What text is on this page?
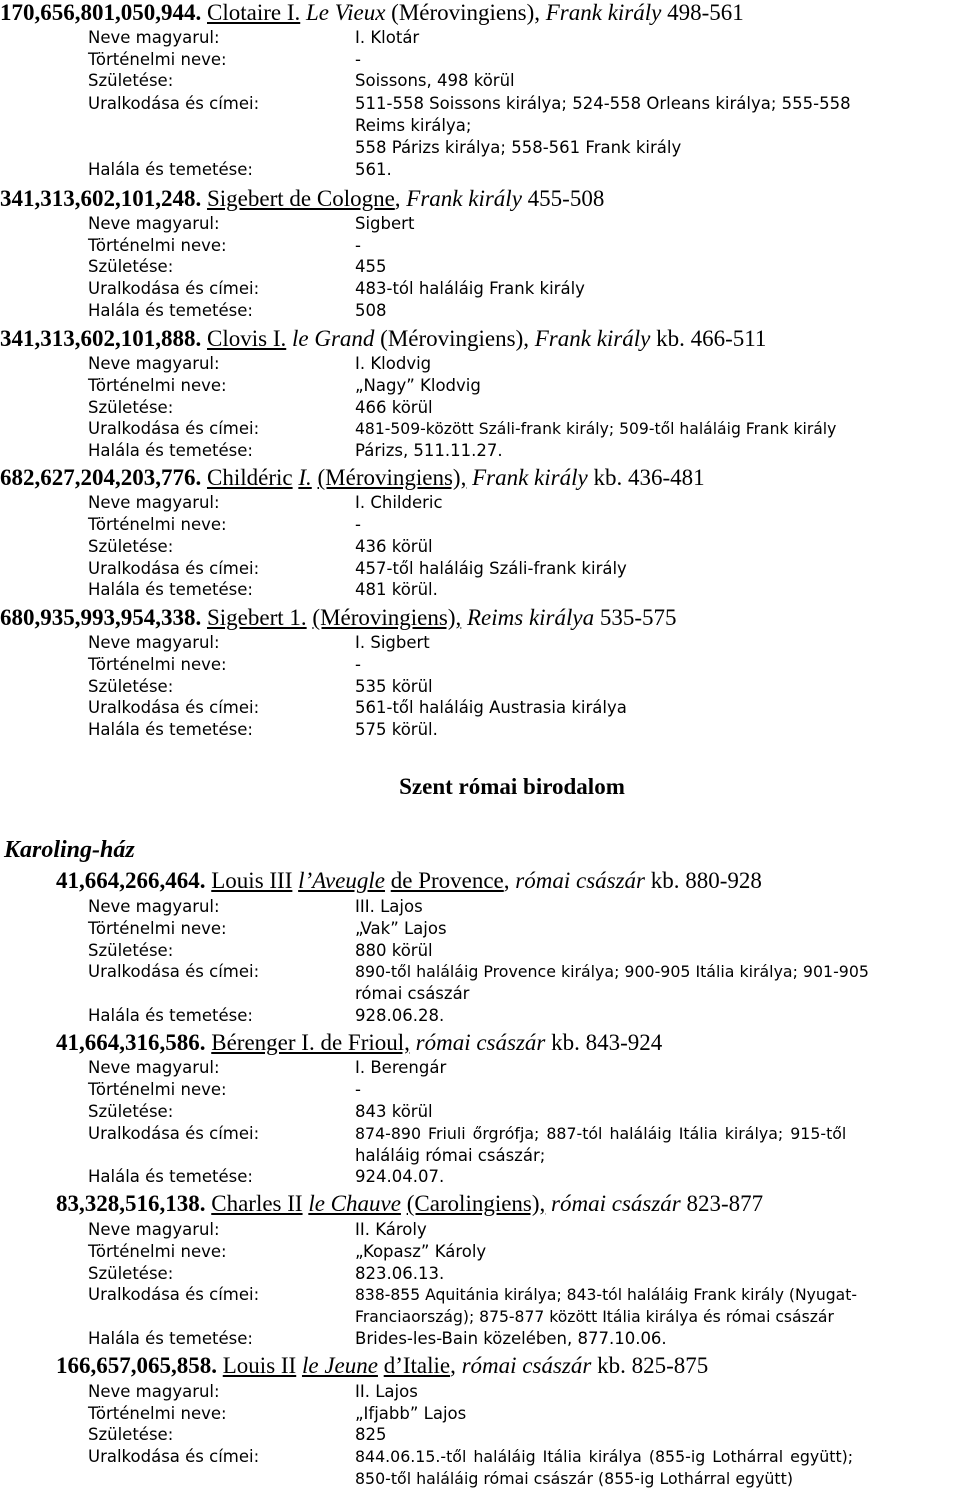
170,656,801,050,944. Clotaire I. Le Vieux (Mérovingiens), Frank király 498-561
Neve magyarul:	I. Klotár
Történelmi neve:	-
Születése:	Soissons, 498 körül
Uralkodása és címei:	511-558 Soissons királya; 524-558 Orleans királya; 555-558
Reims királya;
558 Párizs királya; 558-561 Frank király
Halála és temetése:	561.
341,313,602,101,248. Sigebert de Cologne, Frank király 455-508
Neve magyarul:	Sigbert
Történelmi neve:	-
Születése:	455
Uralkodása és címei:	483-tól haláláig Frank király
Halála és temetése:	508
341,313,602,101,888. Clovis I. le Grand (Mérovingiens), Frank király kb. 466-511
Neve magyarul:	I. Klodvig
Történelmi neve:	„Nagy” Klodvig
Születése:	466 körül
Uralkodása és címei:	481-509-között Száli-frank király; 509-től haláláig Frank király
Halála és temetése:	Párizs, 511.11.27.
682,627,204,203,776. Childéric I. (Mérovingiens), Frank király kb. 436-481
Neve magyarul:	I. Childeric
Történelmi neve:	-
Születése:	436 körül
Uralkodása és címei:	457-től haláláig Száli-frank király
Halála és temetése:	481 körül.
680,935,993,954,338. Sigebert 1. (Mérovingiens), Reims királya 535-575
Neve magyarul:	I. Sigbert
Történelmi neve:	-
Születése:	535 körül
Uralkodása és címei:	561-től haláláig Austrasia királya
Halála és temetése:	575 körül.
Szent római birodalom
Karoling-ház
41,664,266,464. Louis III l’Aveugle de Provence, római császár kb. 880-928
Neve magyarul:	III. Lajos
Történelmi neve:	„Vak” Lajos
Születése:	880 körül
Uralkodása és címei:	890-től haláláig Provence királya; 900-905 Itália királya; 901-905
római császár
Halála és temetése:	928.06.28.
41,664,316,586. Bérenger I. de Frioul, római császár kb. 843-924
Neve magyarul:	I. Berengár
Történelmi neve:	-
Születése:	843 körül
Uralkodása és címei:	874-890 Friuli őrgrófja; 887-tól haláláig Itália királya; 915-től
haláláig római császár;
Halála és temetése:	924.04.07.
83,328,516,138. Charles II le Chauve (Carolingiens), római császár 823-877
Neve magyarul:	II. Károly
Történelmi neve:	„Kopasz” Károly
Születése:	823.06.13.
Uralkodása és címei:	838-855 Aquitánia királya; 843-tól haláláig Frank király (Nyugat-
Franciaország); 875-877 között Itália királya és római császár
Halála és temetése:	Brides-les-Bain közelében, 877.10.06.
166,657,065,858. Louis II le Jeune d’Italie, római császár kb. 825-875
Neve magyarul:	II. Lajos
Történelmi neve:	„Ifjabb” Lajos
Születése:	825
Uralkodása és címei:	844.06.15.-től haláláig Itália királya (855-ig Lothárral együtt);
850-től haláláig római császár (855-ig Lothárral együtt)
